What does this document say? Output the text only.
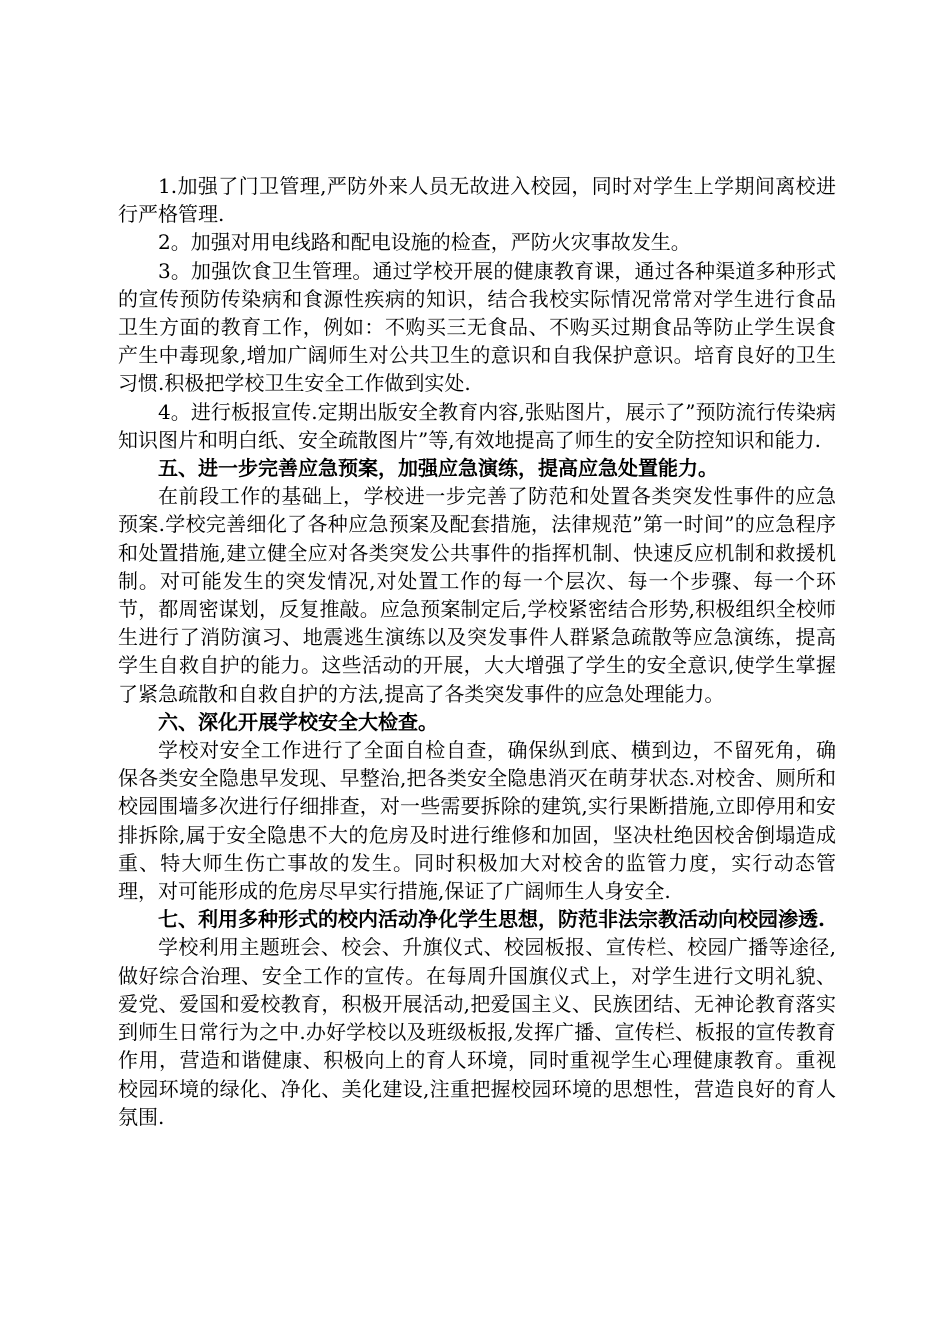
1.加强了门卫管理,严防外来人员无故进入校园，同时对学生上学期间离校进行严格管理.

2。加强对用电线路和配电设施的检查，严防火灾事故发生。

3。加强饮食卫生管理。通过学校开展的健康教育课，通过各种渠道多种形式的宣传预防传染病和食源性疾病的知识，结合我校实际情况常常对学生进行食品卫生方面的教育工作，例如：不购买三无食品、不购买过期食品等防止学生误食产生中毒现象,增加广阔师生对公共卫生的意识和自我保护意识。培育良好的卫生习惯.积极把学校卫生安全工作做到实处.

4。进行板报宣传.定期出版安全教育内容,张贴图片，展示了”预防流行传染病知识图片和明白纸、安全疏散图片”等,有效地提高了师生的安全防控知识和能力.

五、进一步完善应急预案，加强应急演练，提高应急处置能力。

在前段工作的基础上，学校进一步完善了防范和处置各类突发性事件的应急预案.学校完善细化了各种应急预案及配套措施，法律规范”第一时间”的应急程序和处置措施,建立健全应对各类突发公共事件的指挥机制、快速反应机制和救援机制。对可能发生的突发情况,对处置工作的每一个层次、每一个步骤、每一个环节，都周密谋划，反复推敲。应急预案制定后,学校紧密结合形势,积极组织全校师生进行了消防演习、地震逃生演练以及突发事件人群紧急疏散等应急演练，提高学生自救自护的能力。这些活动的开展，大大增强了学生的安全意识,使学生掌握了紧急疏散和自救自护的方法,提高了各类突发事件的应急处理能力。

六、深化开展学校安全大检查。

学校对安全工作进行了全面自检自查，确保纵到底、横到边，不留死角，确保各类安全隐患早发现、早整治,把各类安全隐患消灭在萌芽状态.对校舍、厕所和校园围墙多次进行仔细排查，对一些需要拆除的建筑,实行果断措施,立即停用和安排拆除,属于安全隐患不大的危房及时进行维修和加固，坚决杜绝因校舍倒塌造成重、特大师生伤亡事故的发生。同时积极加大对校舍的监管力度，实行动态管理，对可能形成的危房尽早实行措施,保证了广阔师生人身安全.

七、利用多种形式的校内活动净化学生思想，防范非法宗教活动向校园渗透.

学校利用主题班会、校会、升旗仪式、校园板报、宣传栏、校园广播等途径,做好综合治理、安全工作的宣传。在每周升国旗仪式上，对学生进行文明礼貌、爱党、爱国和爱校教育，积极开展活动,把爱国主义、民族团结、无神论教育落实到师生日常行为之中.办好学校以及班级板报,发挥广播、宣传栏、板报的宣传教育作用，营造和谐健康、积极向上的育人环境，同时重视学生心理健康教育。重视校园环境的绿化、净化、美化建设,注重把握校园环境的思想性，营造良好的育人氛围.
